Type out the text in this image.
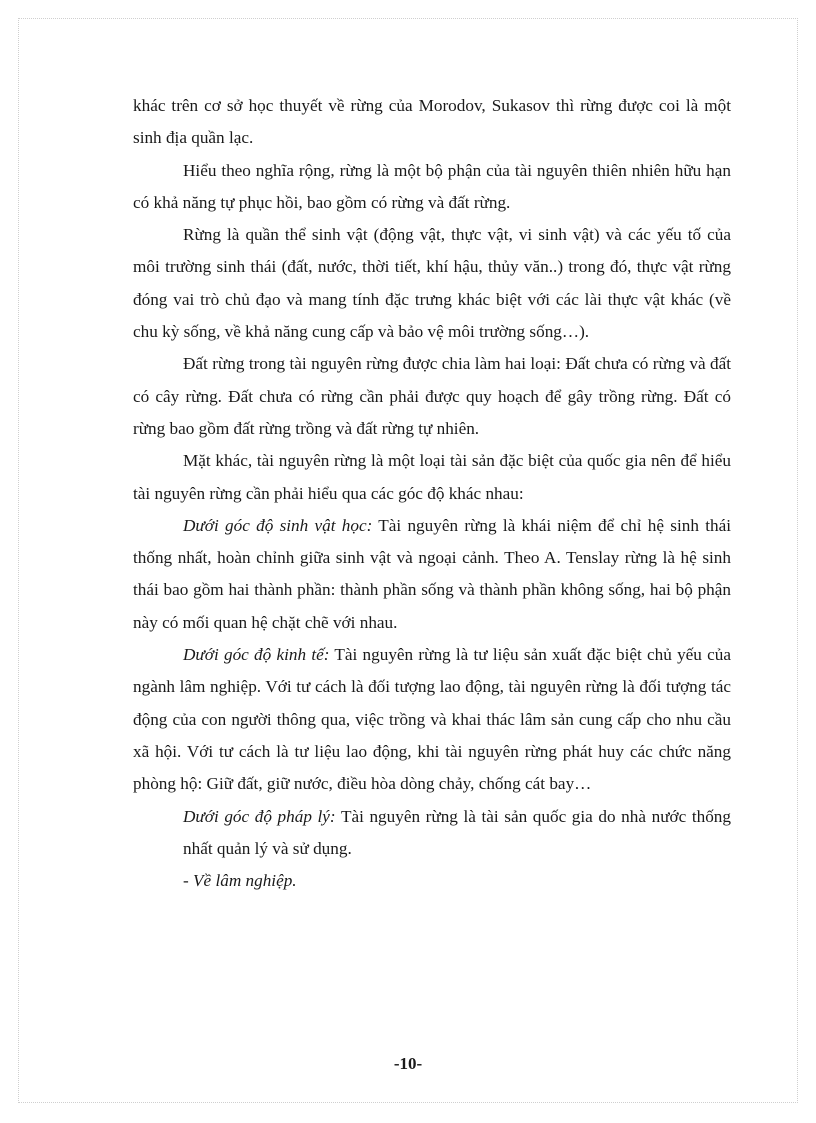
khác trên cơ sở học thuyết về rừng của Morodov, Sukasov thì rừng được coi là một sinh địa quần lạc.

Hiểu theo nghĩa rộng, rừng là một bộ phận của tài nguyên thiên nhiên hữu hạn có khả năng tự phục hồi, bao gồm có rừng và đất rừng.

Rừng là quần thể sinh vật (động vật, thực vật, vi sinh vật) và các yếu tố của môi trường sinh thái (đất, nước, thời tiết, khí hậu, thủy văn..) trong đó, thực vật rừng đóng vai trò chủ đạo và mang tính đặc trưng khác biệt với các lài thực vật khác (về chu kỳ sống, về khả năng cung cấp và bảo vệ môi trường sống…).

Đất rừng trong tài nguyên rừng được chia làm hai loại: Đất chưa có rừng và đất có cây rừng. Đất chưa có rừng cần phải được quy hoạch để gây trồng rừng. Đất có rừng bao gồm đất rừng trồng và đất rừng tự nhiên.

Mặt khác, tài nguyên rừng là một loại tài sản đặc biệt của quốc gia nên để hiểu tài nguyên rừng cần phải hiểu qua các góc độ khác nhau:

Dưới góc độ sinh vật học: Tài nguyên rừng là khái niệm để chỉ hệ sinh thái thống nhất, hoàn chỉnh giữa sinh vật và ngoại cảnh. Theo A. Tenslay rừng là hệ sinh thái bao gồm hai thành phần: thành phần sống và thành phần không sống, hai bộ phận này có mối quan hệ chặt chẽ với nhau.

Dưới góc độ kinh tế: Tài nguyên rừng là tư liệu sản xuất đặc biệt chủ yếu của ngành lâm nghiệp. Với tư cách là đối tượng lao động, tài nguyên rừng là đối tượng tác động của con người thông qua, việc trồng và khai thác lâm sản cung cấp cho nhu cầu xã hội. Với tư cách là tư liệu lao động, khi tài nguyên rừng phát huy các chức năng phòng hộ: Giữ đất, giữ nước, điều hòa dòng chảy, chống cát bay…

Dưới góc độ pháp lý: Tài nguyên rừng là tài sản quốc gia do nhà nước thống nhất quản lý và sử dụng.

- Về lâm nghiệp.

-10-
